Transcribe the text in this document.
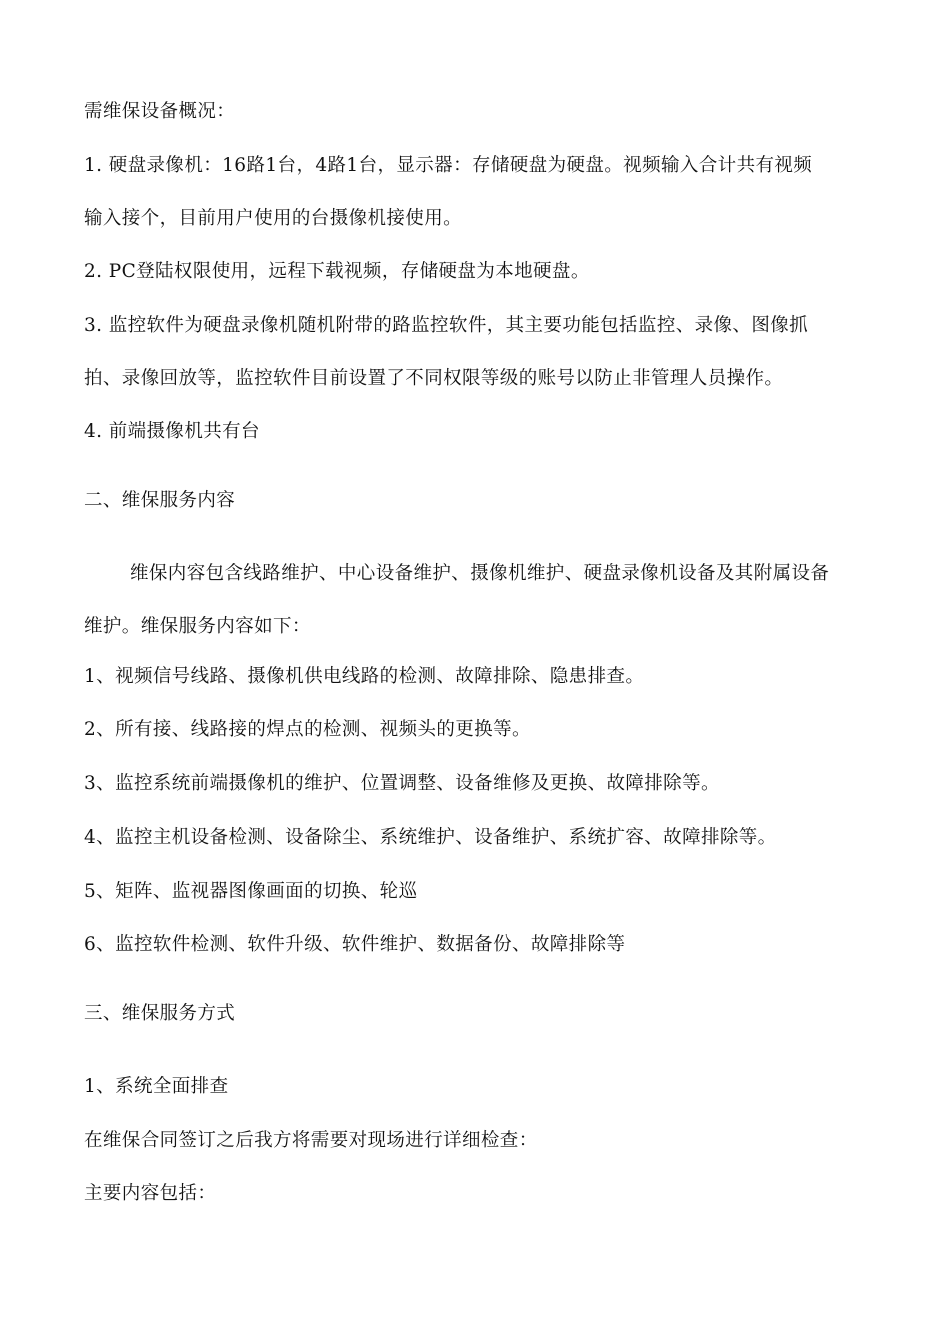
需维保设备概况：
1. 硬盘录像机：16路1台，4路1台，显示器：存储硬盘为硬盘。视频输入合计共有视频
输入接个，目前用户使用的台摄像机接使用。
2. PC登陆权限使用，远程下载视频，存储硬盘为本地硬盘。
3. 监控软件为硬盘录像机随机附带的路监控软件，其主要功能包括监控、录像、图像抓
拍、录像回放等，监控软件目前设置了不同权限等级的账号以防止非管理人员操作。
4. 前端摄像机共有台
二、维保服务内容
维保内容包含线路维护、中心设备维护、摄像机维护、硬盘录像机设备及其附属设备
维护。维保服务内容如下：
1、视频信号线路、摄像机供电线路的检测、故障排除、隐患排查。
2、所有接、线路接的焊点的检测、视频头的更换等。
3、监控系统前端摄像机的维护、位置调整、设备维修及更换、故障排除等。
4、监控主机设备检测、设备除尘、系统维护、设备维护、系统扩容、故障排除等。
5、矩阵、监视器图像画面的切换、轮巡
6、监控软件检测、软件升级、软件维护、数据备份、故障排除等
三、维保服务方式
1、系统全面排查
在维保合同签订之后我方将需要对现场进行详细检查：
主要内容包括：
